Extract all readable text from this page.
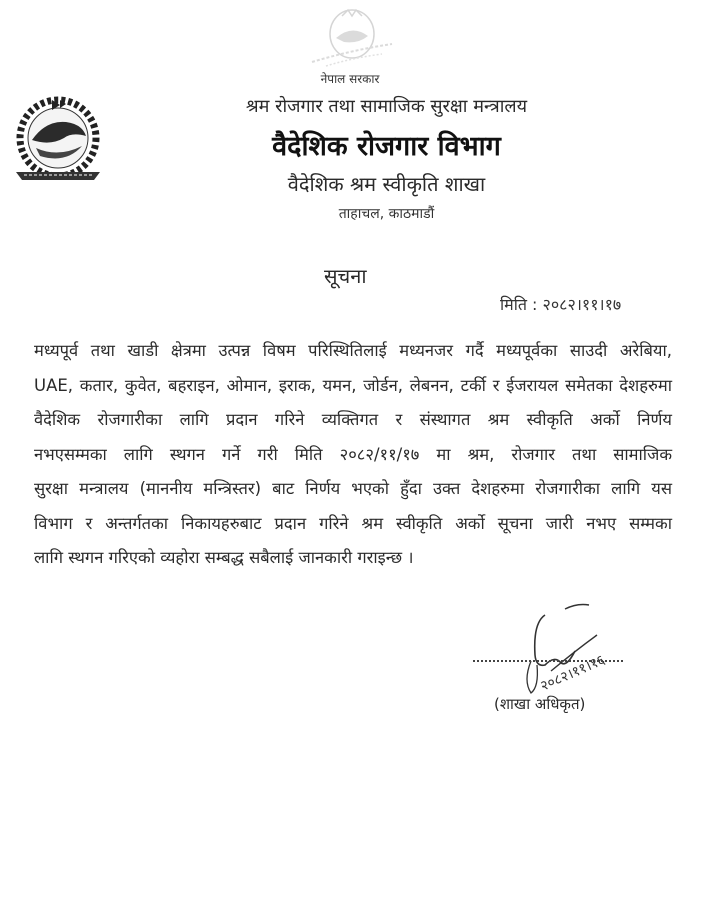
नेपाल सरकार
श्रम रोजगार तथा सामाजिक सुरक्षा मन्त्रालय
वैदेशिक रोजगार विभाग
वैदेशिक श्रम स्वीकृति शाखा
ताहाचल, काठमाडौं
सूचना
मिति : २०८२।११।१७
मध्यपूर्व तथा खाडी क्षेत्रमा उत्पन्न विषम परिस्थितिलाई मध्यनजर गर्दै मध्यपूर्वका साउदी अरेबिया,
UAE, कतार, कुवेत, बहराइन, ओमान, इराक, यमन, जोर्डन, लेबनन, टर्की र ईजरायल समेतका देशहरुमा
वैदेशिक रोजगारीका लागि प्रदान गरिने व्यक्तिगत र संस्थागत श्रम स्वीकृति अर्को निर्णय
नभएसम्मका लागि स्थगन गर्ने गरी मिति २०८२/११/१७ मा श्रम, रोजगार तथा सामाजिक
सुरक्षा मन्त्रालय (माननीय मन्त्रिस्तर) बाट निर्णय भएको हुँदा उक्त देशहरुमा रोजगारीका लागि यस
विभाग र अन्तर्गतका निकायहरुबाट प्रदान गरिने श्रम स्वीकृति अर्को सूचना जारी नभए सम्मका
लागि स्थगन गरिएको व्यहोरा सम्बद्ध सबैलाई जानकारी गराइन्छ ।
२०८२।११।१६
(शाखा अधिकृत)
